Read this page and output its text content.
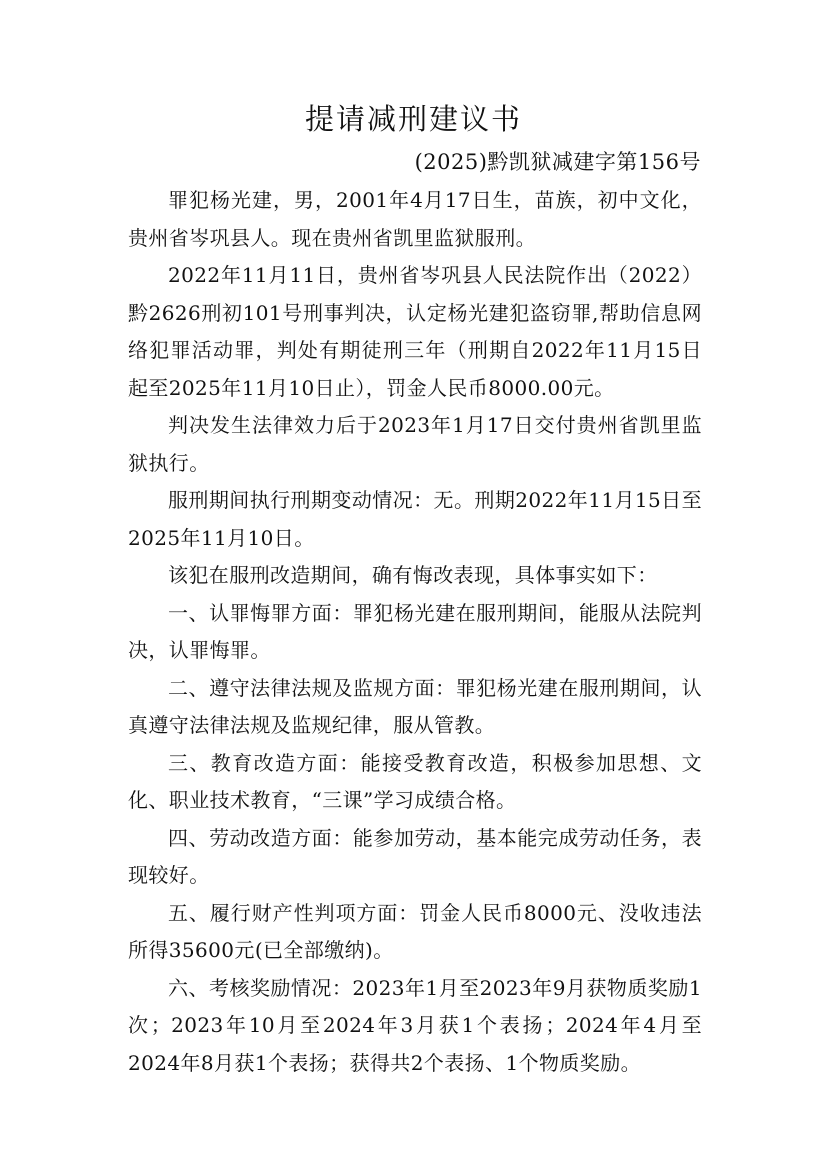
提请减刑建议书
(2025)黔凯狱减建字第156号

罪犯杨光建，男，2001年4月17日生，苗族，初中文化，贵州省岑巩县人。现在贵州省凯里监狱服刑。

2022年11月11日，贵州省岑巩县人民法院作出（2022）黔2626刑初101号刑事判决，认定杨光建犯盗窃罪,帮助信息网络犯罪活动罪，判处有期徒刑三年（刑期自2022年11月15日起至2025年11月10日止），罚金人民币8000.00元。

判决发生法律效力后于2023年1月17日交付贵州省凯里监狱执行。

服刑期间执行刑期变动情况：无。刑期2022年11月15日至2025年11月10日。

该犯在服刑改造期间，确有悔改表现，具体事实如下：

一、认罪悔罪方面：罪犯杨光建在服刑期间，能服从法院判决，认罪悔罪。

二、遵守法律法规及监规方面：罪犯杨光建在服刑期间，认真遵守法律法规及监规纪律，服从管教。

三、教育改造方面：能接受教育改造，积极参加思想、文化、职业技术教育，“三课”学习成绩合格。

四、劳动改造方面：能参加劳动，基本能完成劳动任务，表现较好。

五、履行财产性判项方面：罚金人民币8000元、没收违法所得35600元(已全部缴纳)。

六、考核奖励情况：2023年1月至2023年9月获物质奖励1次；2023年10月至2024年3月获1个表扬；2024年4月至2024年8月获1个表扬；获得共2个表扬、1个物质奖励。
